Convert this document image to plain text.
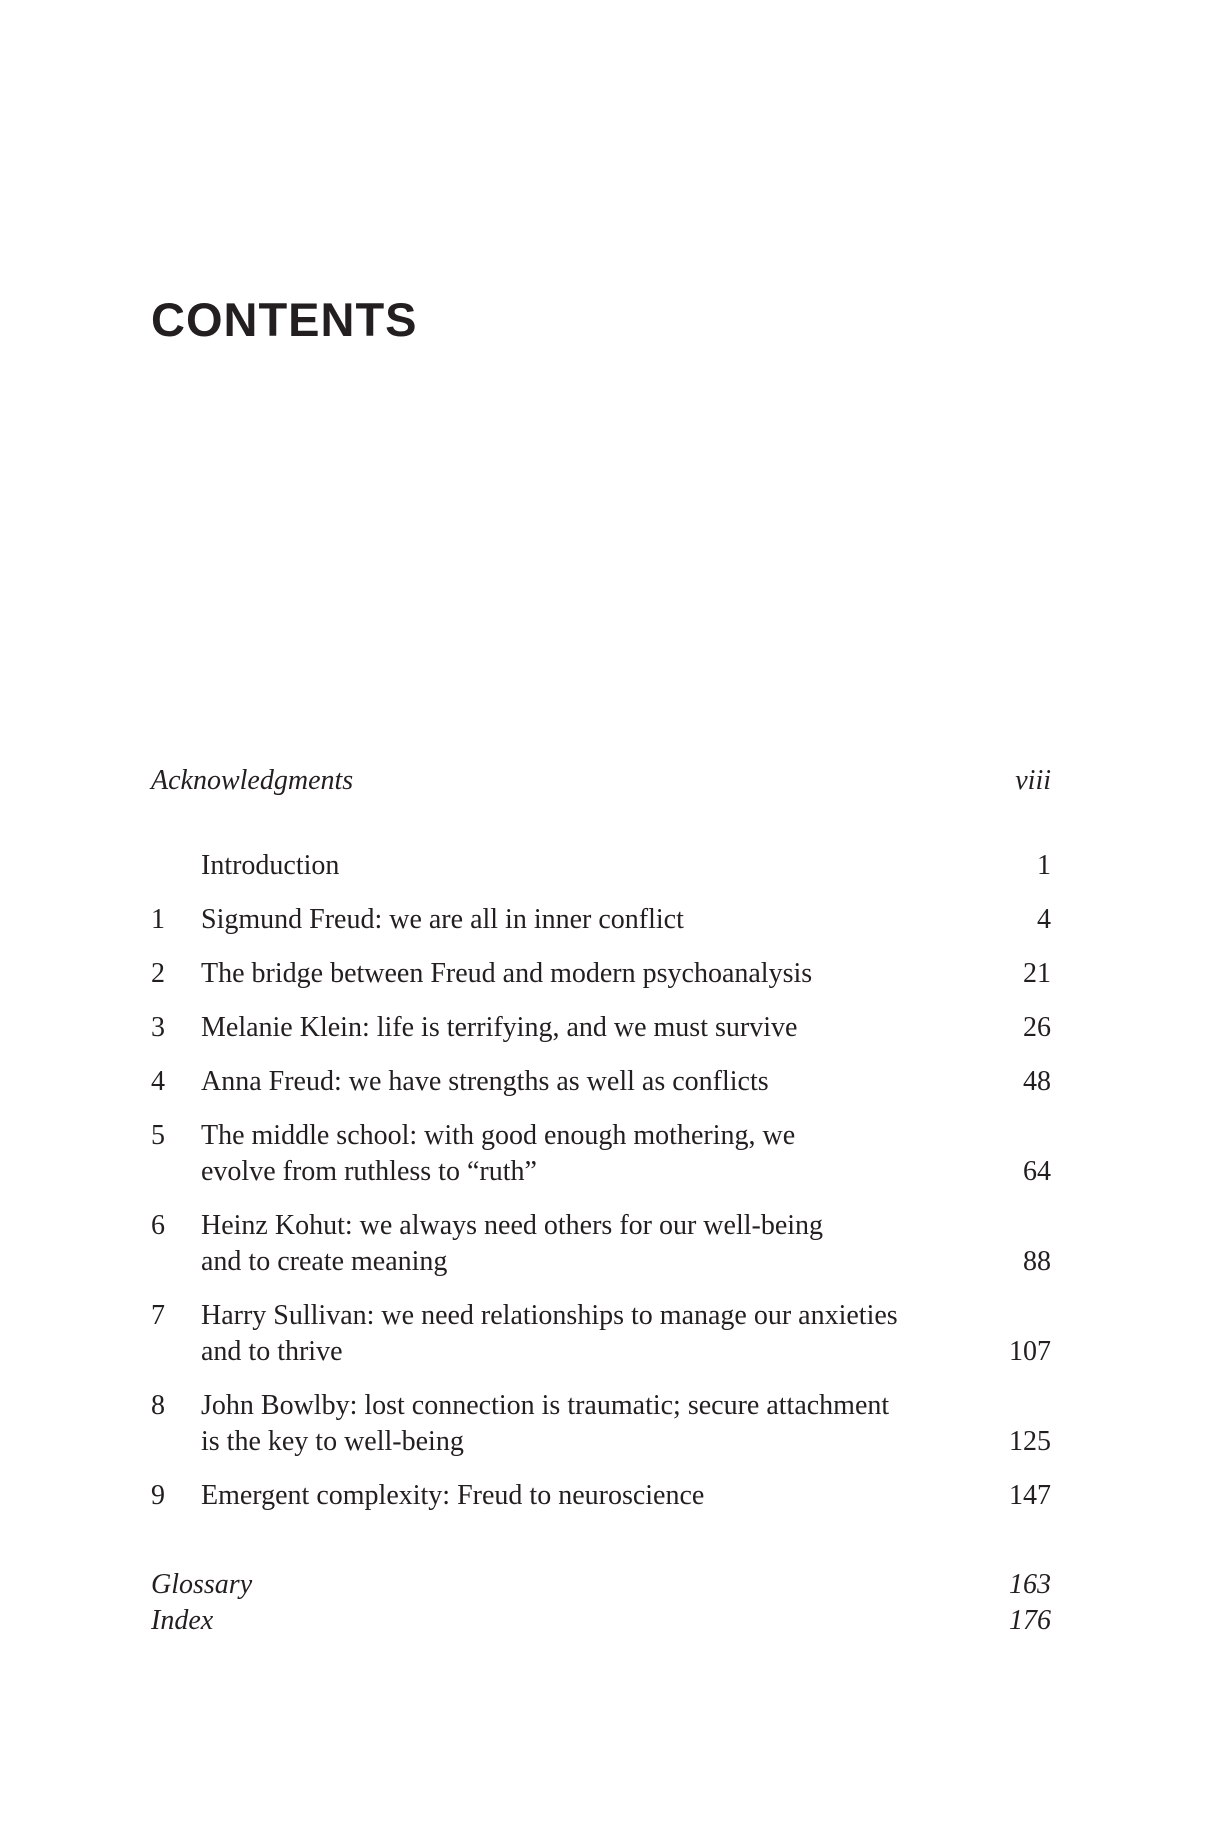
CONTENTS
Acknowledgments	viii
Introduction	1
1	Sigmund Freud: we are all in inner conflict	4
2	The bridge between Freud and modern psychoanalysis	21
3	Melanie Klein: life is terrifying, and we must survive	26
4	Anna Freud: we have strengths as well as conflicts	48
5	The middle school: with good enough mothering, we
evolve from ruthless to “ruth”	64
6	Heinz Kohut: we always need others for our well-being
and to create meaning	88
7	Harry Sullivan: we need relationships to manage our anxieties
and to thrive	107
8	John Bowlby: lost connection is traumatic; secure attachment
is the key to well-being	125
9	Emergent complexity: Freud to neuroscience	147
Glossary	163
Index	176
